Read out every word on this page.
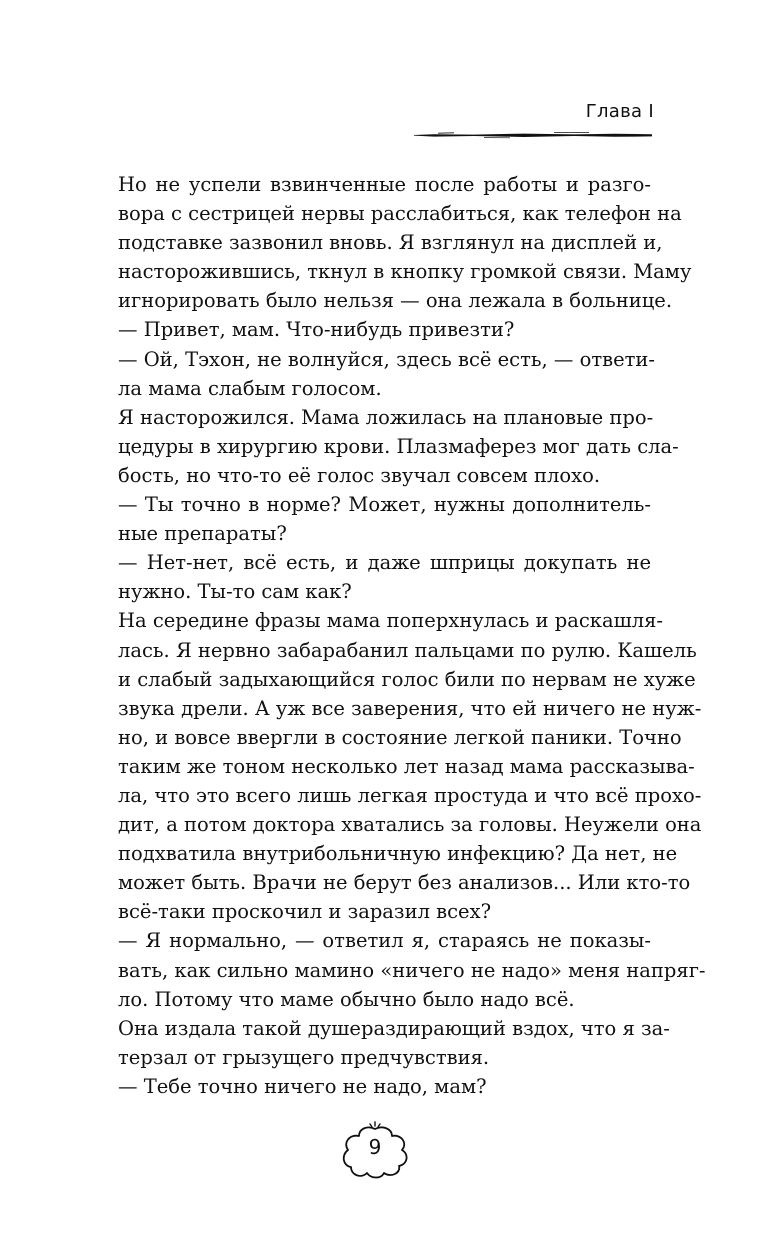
Глава I
Но не успели взвинченные после работы и разго-
вора с сестрицей нервы расслабиться, как телефон на
подставке зазвонил вновь. Я взглянул на дисплей и,
насторожившись, ткнул в кнопку громкой связи. Маму
игнорировать было нельзя — она лежала в больнице.
— Привет, мам. Что-нибудь привезти?
— Ой, Тэхон, не волнуйся, здесь всё есть, — ответи-
ла мама слабым голосом.
Я насторожился. Мама ложилась на плановые про-
цедуры в хирургию крови. Плазмаферез мог дать сла-
бость, но что-то её голос звучал совсем плохо.
— Ты точно в норме? Может, нужны дополнитель-
ные препараты?
— Нет-нет, всё есть, и даже шприцы докупать не
нужно. Ты-то сам как?
На середине фразы мама поперхнулась и раскашля-
лась. Я нервно забарабанил пальцами по рулю. Кашель
и слабый задыхающийся голос били по нервам не хуже
звука дрели. А уж все заверения, что ей ничего не нуж-
но, и вовсе ввергли в состояние легкой паники. Точно
таким же тоном несколько лет назад мама рассказыва-
ла, что это всего лишь легкая простуда и что всё прохо-
дит, а потом доктора хватались за головы. Неужели она
подхватила внутрибольничную инфекцию? Да нет, не
может быть. Врачи не берут без анализов... Или кто-то
всё-таки проскочил и заразил всех?
— Я нормально, — ответил я, стараясь не показы-
вать, как сильно мамино «ничего не надо» меня напряг-
ло. Потому что маме обычно было надо всё.
Она издала такой душераздирающий вздох, что я за-
терзал от грызущего предчувствия.
— Тебе точно ничего не надо, мам?
9
